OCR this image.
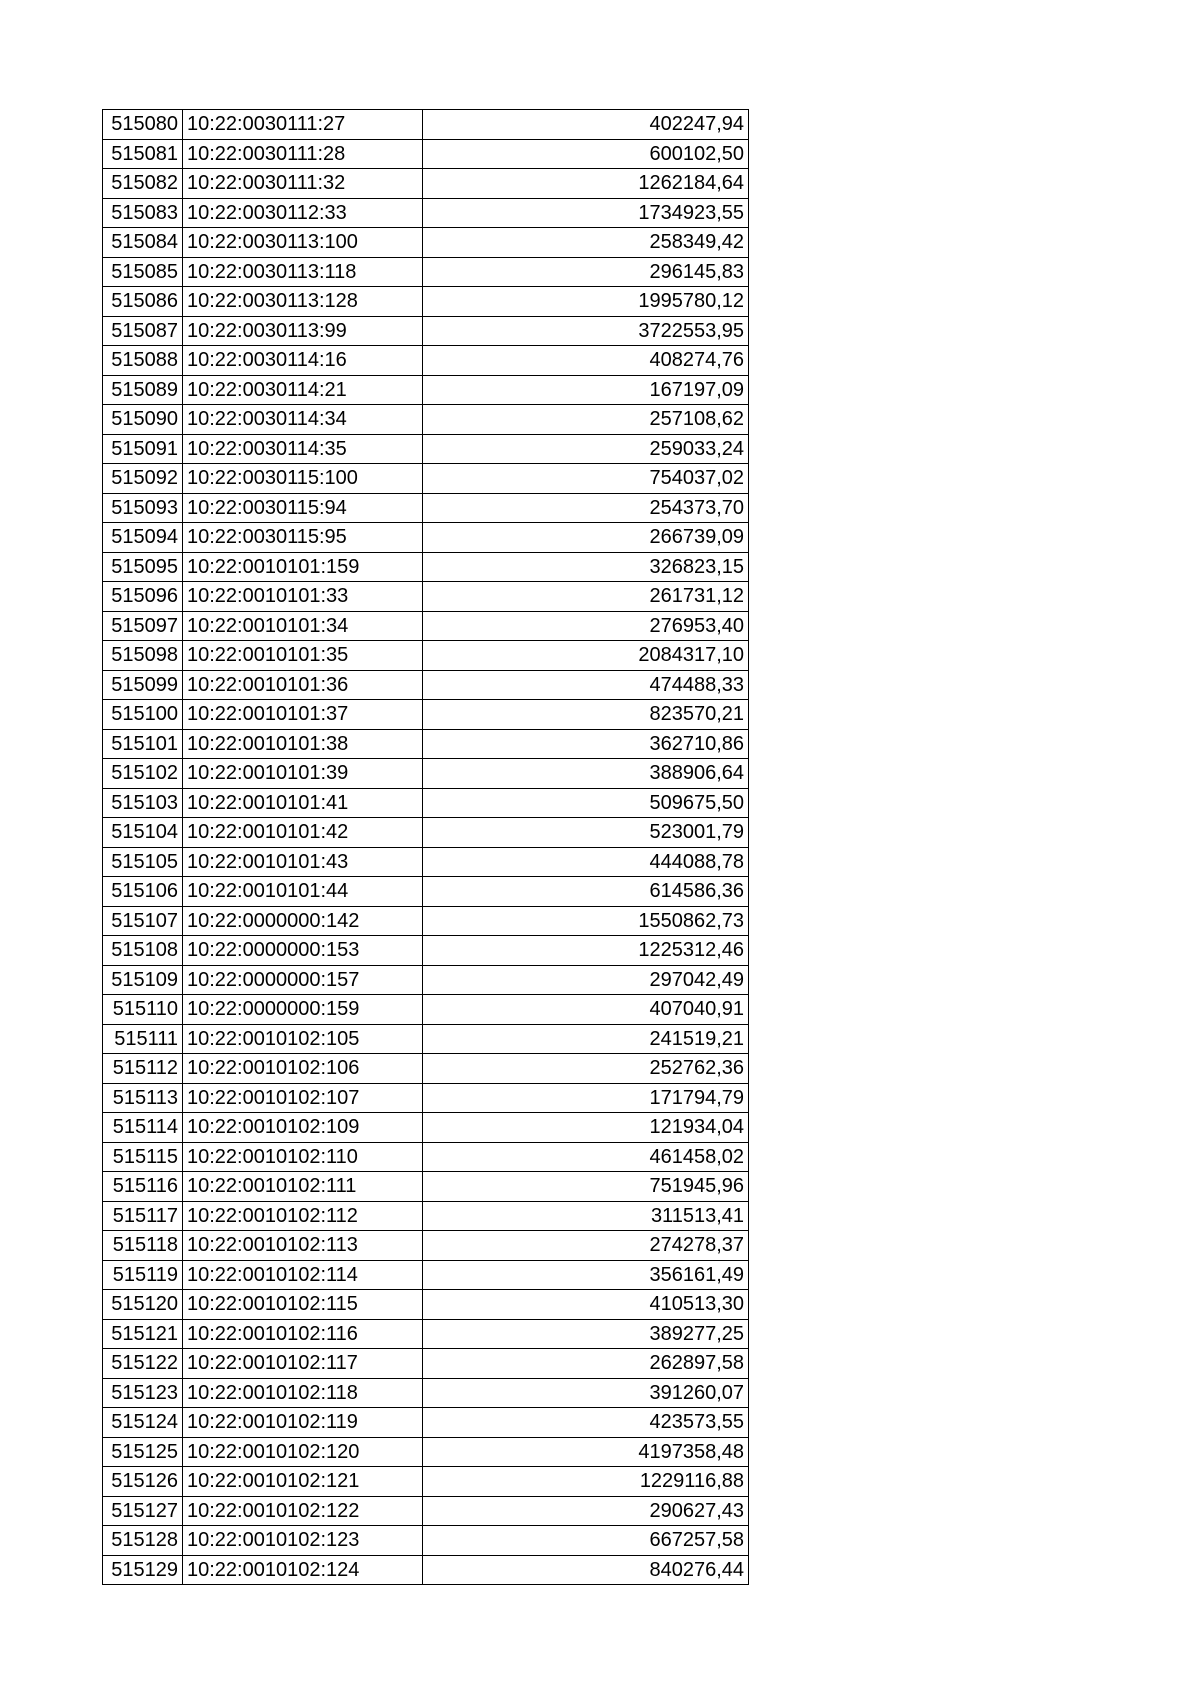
515080	10:22:0030111:27	402247,94
515081	10:22:0030111:28	600102,50
515082	10:22:0030111:32	1262184,64
515083	10:22:0030112:33	1734923,55
515084	10:22:0030113:100	258349,42
515085	10:22:0030113:118	296145,83
515086	10:22:0030113:128	1995780,12
515087	10:22:0030113:99	3722553,95
515088	10:22:0030114:16	408274,76
515089	10:22:0030114:21	167197,09
515090	10:22:0030114:34	257108,62
515091	10:22:0030114:35	259033,24
515092	10:22:0030115:100	754037,02
515093	10:22:0030115:94	254373,70
515094	10:22:0030115:95	266739,09
515095	10:22:0010101:159	326823,15
515096	10:22:0010101:33	261731,12
515097	10:22:0010101:34	276953,40
515098	10:22:0010101:35	2084317,10
515099	10:22:0010101:36	474488,33
515100	10:22:0010101:37	823570,21
515101	10:22:0010101:38	362710,86
515102	10:22:0010101:39	388906,64
515103	10:22:0010101:41	509675,50
515104	10:22:0010101:42	523001,79
515105	10:22:0010101:43	444088,78
515106	10:22:0010101:44	614586,36
515107	10:22:0000000:142	1550862,73
515108	10:22:0000000:153	1225312,46
515109	10:22:0000000:157	297042,49
515110	10:22:0000000:159	407040,91
515111	10:22:0010102:105	241519,21
515112	10:22:0010102:106	252762,36
515113	10:22:0010102:107	171794,79
515114	10:22:0010102:109	121934,04
515115	10:22:0010102:110	461458,02
515116	10:22:0010102:111	751945,96
515117	10:22:0010102:112	311513,41
515118	10:22:0010102:113	274278,37
515119	10:22:0010102:114	356161,49
515120	10:22:0010102:115	410513,30
515121	10:22:0010102:116	389277,25
515122	10:22:0010102:117	262897,58
515123	10:22:0010102:118	391260,07
515124	10:22:0010102:119	423573,55
515125	10:22:0010102:120	4197358,48
515126	10:22:0010102:121	1229116,88
515127	10:22:0010102:122	290627,43
515128	10:22:0010102:123	667257,58
515129	10:22:0010102:124	840276,44
